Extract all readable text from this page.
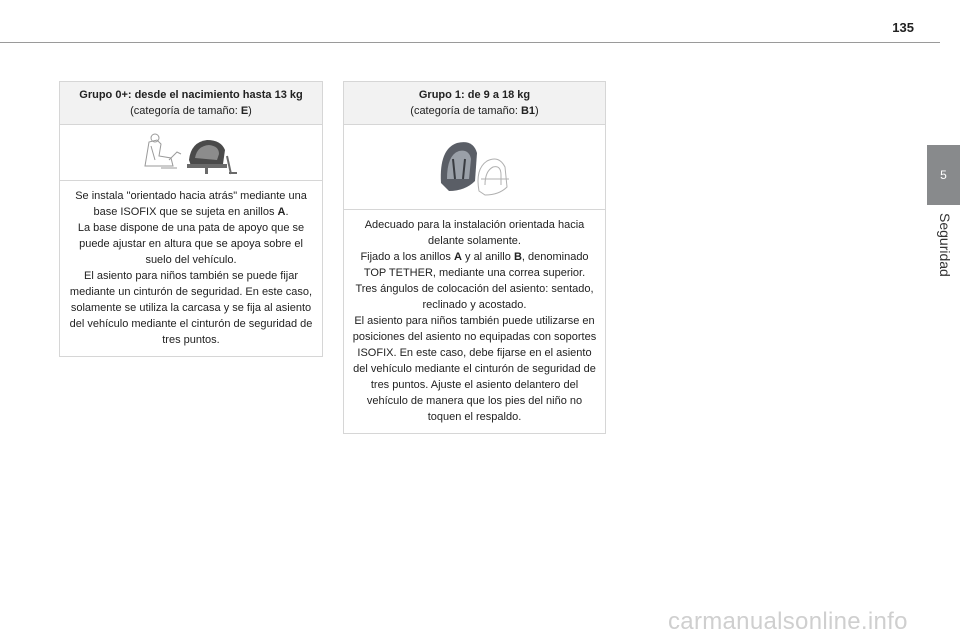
135
5
Seguridad
Grupo 0+: desde el nacimiento hasta 13 kg
(categoría de tamaño: E)

Se instala "orientado hacia atrás" mediante una base ISOFIX que se sujeta en anillos A.

La base dispone de una pata de apoyo que se puede ajustar en altura que se apoya sobre el suelo del vehículo.

El asiento para niños también se puede fijar mediante un cinturón de seguridad. En este caso, solamente se utiliza la carcasa y se fija al asiento del vehículo mediante el cinturón de seguridad de tres puntos.

Grupo 1: de 9 a 18 kg
(categoría de tamaño: B1)

Adecuado para la instalación orientada hacia delante solamente.

Fijado a los anillos A y al anillo B, denominado TOP TETHER, mediante una correa superior.

Tres ángulos de colocación del asiento: sentado, reclinado y acostado.

El asiento para niños también puede utilizarse en posiciones del asiento no equipadas con soportes ISOFIX. En este caso, debe fijarse en el asiento del vehículo mediante el cinturón de seguridad de tres puntos. Ajuste el asiento delantero del vehículo de manera que los pies del niño no toquen el respaldo.

carmanualsonline.info
